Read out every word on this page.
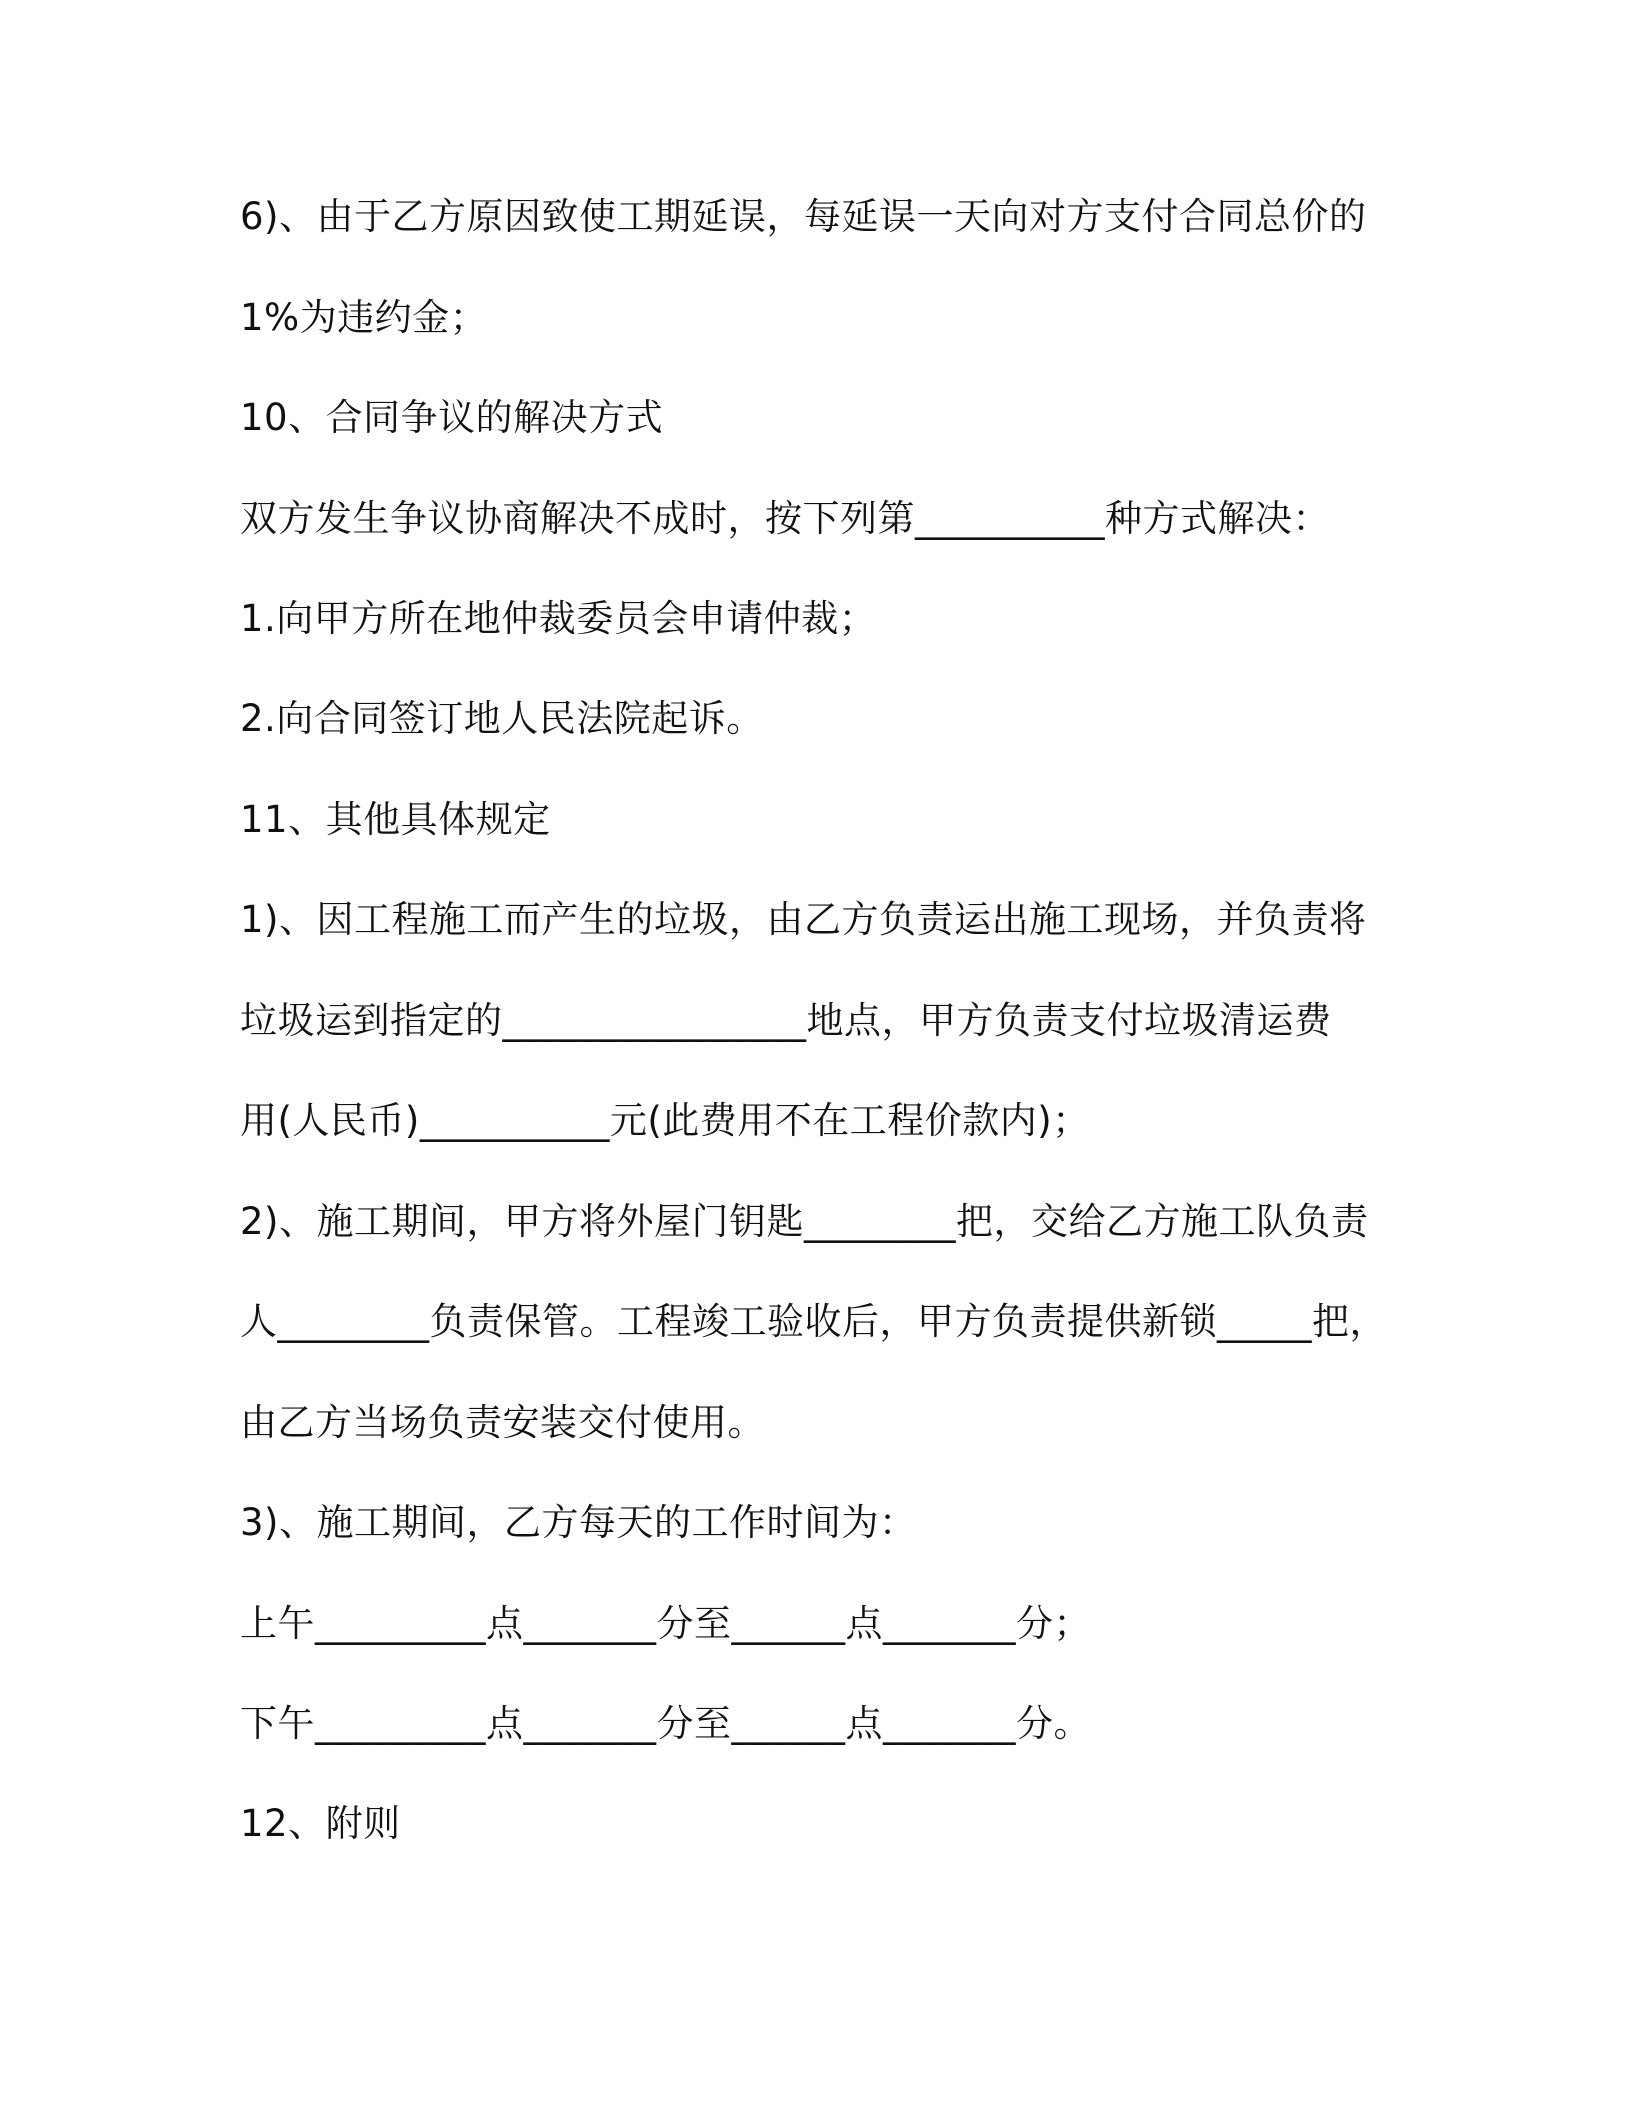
6)、由于乙方原因致使工期延误，每延误一天向对方支付合同总价的
1%为违约金；
10、合同争议的解决方式
双方发生争议协商解决不成时，按下列第__________种方式解决：
1.向甲方所在地仲裁委员会申请仲裁；
2.向合同签订地人民法院起诉。
11、其他具体规定
1)、因工程施工而产生的垃圾，由乙方负责运出施工现场，并负责将
垃圾运到指定的________________地点，甲方负责支付垃圾清运费
用(人民币)__________元(此费用不在工程价款内)；
2)、施工期间，甲方将外屋门钥匙________把，交给乙方施工队负责
人________负责保管。工程竣工验收后，甲方负责提供新锁_____把，
由乙方当场负责安装交付使用。
3)、施工期间，乙方每天的工作时间为：
上午_________点_______分至______点_______分；
下午_________点_______分至______点_______分。
12、附则
